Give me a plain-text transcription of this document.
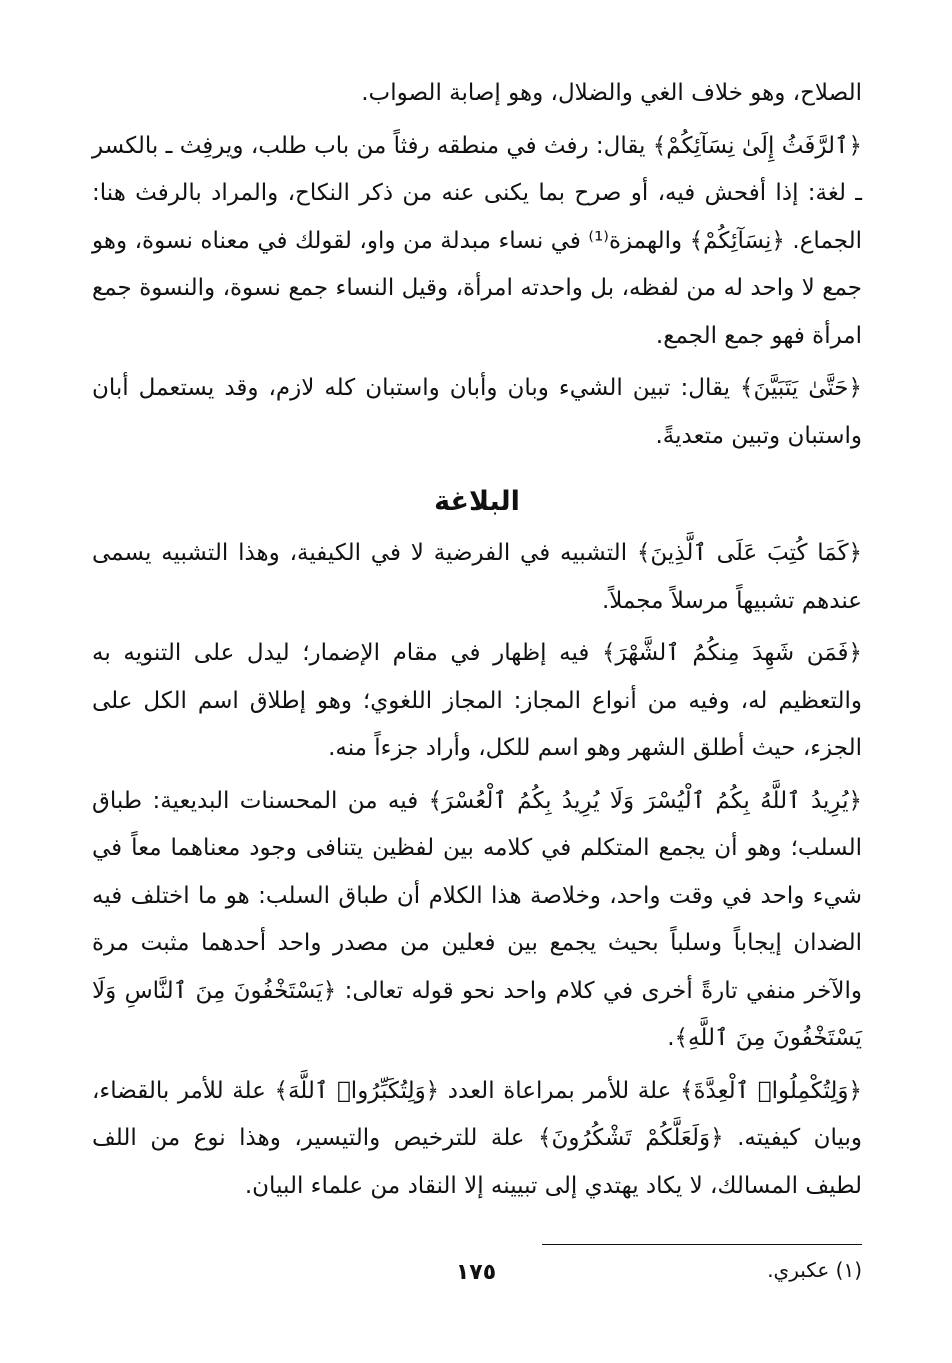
الصلاح، وهو خلاف الغي والضلال، وهو إصابة الصواب.

﴿ٱلرَّفَثُ إِلَىٰ نِسَآئِكُمْ﴾ يقال: رفث في منطقه رفثاً من باب طلب، ويرفِث ـ بالكسر ـ لغة: إذا أفحش فيه، أو صرح بما يكنى عنه من ذكر النكاح، والمراد بالرفث هنا: الجماع. ﴿نِسَآئِكُمْ﴾ والهمزة⁽¹⁾ في نساء مبدلة من واو، لقولك في معناه نسوة، وهو جمع لا واحد له من لفظه، بل واحدته امرأة، وقيل النساء جمع نسوة، والنسوة جمع امرأة فهو جمع الجمع.

﴿حَتَّىٰ يَتَبَيَّنَ﴾ يقال: تبين الشيء وبان وأبان واستبان كله لازم، وقد يستعمل أبان واستبان وتبين متعديةً.

البلاغة

﴿كَمَا كُتِبَ عَلَى ٱلَّذِينَ﴾ التشبيه في الفرضية لا في الكيفية، وهذا التشبيه يسمى عندهم تشبيهاً مرسلاً مجملاً.

﴿فَمَن شَهِدَ مِنكُمُ ٱلشَّهْرَ﴾ فيه إظهار في مقام الإضمار؛ ليدل على التنويه به والتعظيم له، وفيه من أنواع المجاز: المجاز اللغوي؛ وهو إطلاق اسم الكل على الجزء، حيث أطلق الشهر وهو اسم للكل، وأراد جزءاً منه.

﴿يُرِيدُ ٱللَّهُ بِكُمُ ٱلْيُسْرَ وَلَا يُرِيدُ بِكُمُ ٱلْعُسْرَ﴾ فيه من المحسنات البديعية: طباق السلب؛ وهو أن يجمع المتكلم في كلامه بين لفظين يتنافى وجود معناهما معاً في شيء واحد في وقت واحد، وخلاصة هذا الكلام أن طباق السلب: هو ما اختلف فيه الضدان إيجاباً وسلباً بحيث يجمع بين فعلين من مصدر واحد أحدهما مثبت مرة والآخر منفي تارةً أخرى في كلام واحد نحو قوله تعالى: ﴿يَسْتَخْفُونَ مِنَ ٱلنَّاسِ وَلَا يَسْتَخْفُونَ مِنَ ٱللَّهِ﴾.

﴿وَلِتُكْمِلُوا۟ ٱلْعِدَّةَ﴾ علة للأمر بمراعاة العدد ﴿وَلِتُكَبِّرُوا۟ ٱللَّهَ﴾ علة للأمر بالقضاء، وبيان كيفيته. ﴿وَلَعَلَّكُمْ تَشْكُرُونَ﴾ علة للترخيص والتيسير، وهذا نوع من اللف لطيف المسالك، لا يكاد يهتدي إلى تبيينه إلا النقاد من علماء البيان.

(١) عكبري.

١٧٥
